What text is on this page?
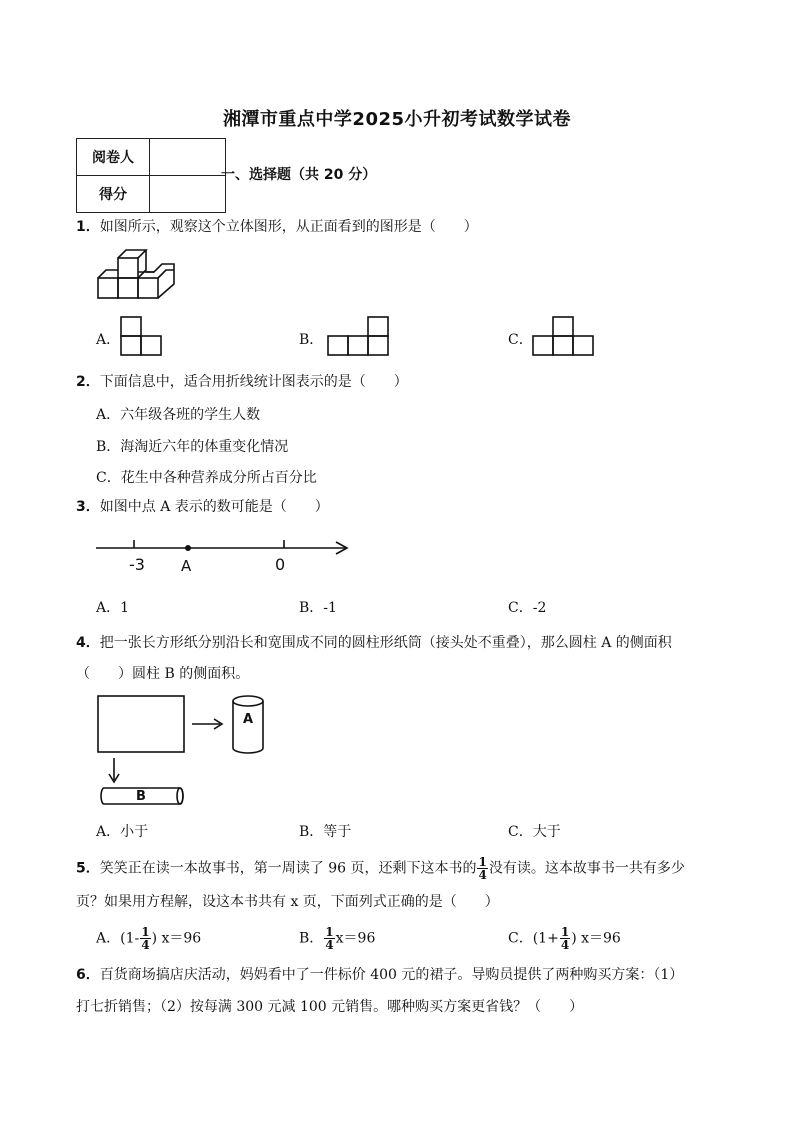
湘潭市重点中学2025小升初考试数学试卷
阅卷人	
得分	
一、选择题（共 20 分）
1．如图所示，观察这个立体图形，从正面看到的图形是（　　）
A．	B．	C．
2．下面信息中，适合用折线统计图表示的是（　　）
A．六年级各班的学生人数
B．海淘近六年的体重变化情况
C．花生中各种营养成分所占百分比
3．如图中点 A 表示的数可能是（　　）
-3 A	0
A．1	B．-1	C．-2
4．把一张长方形纸分别沿长和宽围成不同的圆柱形纸筒（接头处不重叠），那么圆柱 A 的侧面积
（　　）圆柱 B 的侧面积。
A
B
A．小于	B．等于	C．大于
5．笑笑正在读一本故事书，第一周读了 96 页，还剩下这本书的 $\frac{1}{4}$ 没有读。这本故事书一共有多少
页？如果用方程解，设这本书共有 x 页，下面列式正确的是（　　）
A．($1- \frac{1}{4}$ ) x＝96	B． $\frac{1}{4} x=96$	C．($1+ \frac{1}{4}$ ) x＝96
6．百货商场搞店庆活动，妈妈看中了一件标价 400 元的裙子。导购员提供了两种购买方案：（1）
打七折销售；（2）按每满 300 元减 100 元销售。哪种购买方案更省钱？（　　）
